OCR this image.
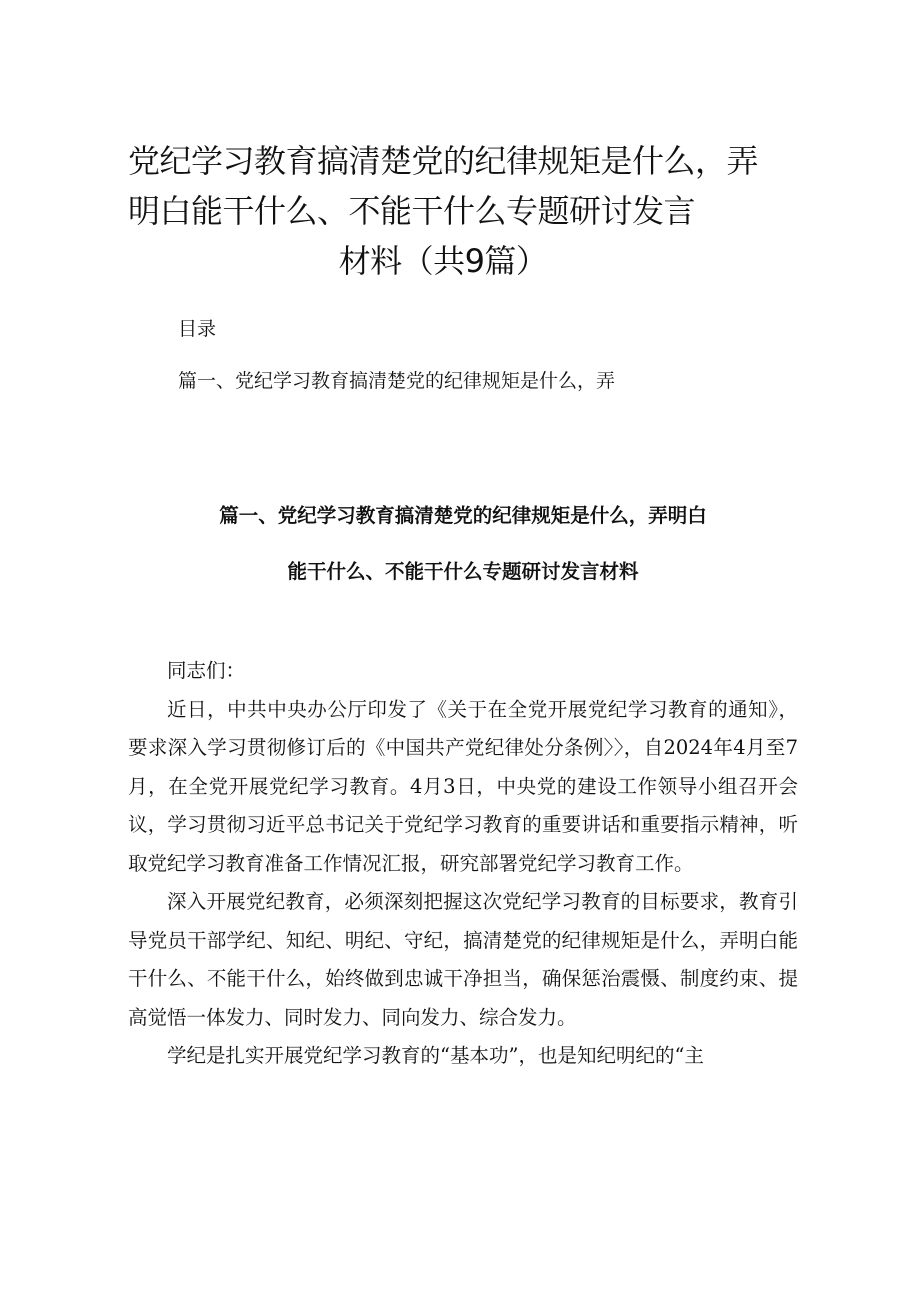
党纪学习教育搞清楚党的纪律规矩是什么，弄
明白能干什么、不能干什么专题研讨发言
材料（共9篇）
目录
篇一、党纪学习教育搞清楚党的纪律规矩是什么，弄
篇一、党纪学习教育搞清楚党的纪律规矩是什么，弄明白
能干什么、不能干什么专题研讨发言材料

同志们：

近日，中共中央办公厅印发了《关于在全党开展党纪学习教育的通知》，要求深入学习贯彻修订后的《中国共产党纪律处分条例〉〉，自2024年4月至7月，在全党开展党纪学习教育。4月3日，中央党的建设工作领导小组召开会议，学习贯彻习近平总书记关于党纪学习教育的重要讲话和重要指示精神，听取党纪学习教育准备工作情况汇报，研究部署党纪学习教育工作。

深入开展党纪教育，必须深刻把握这次党纪学习教育的目标要求，教育引导党员干部学纪、知纪、明纪、守纪，搞清楚党的纪律规矩是什么，弄明白能干什么、不能干什么，始终做到忠诚干净担当，确保惩治震慑、制度约束、提高觉悟一体发力、同时发力、同向发力、综合发力。

学纪是扎实开展党纪学习教育的“基本功”，也是知纪明纪的“主
